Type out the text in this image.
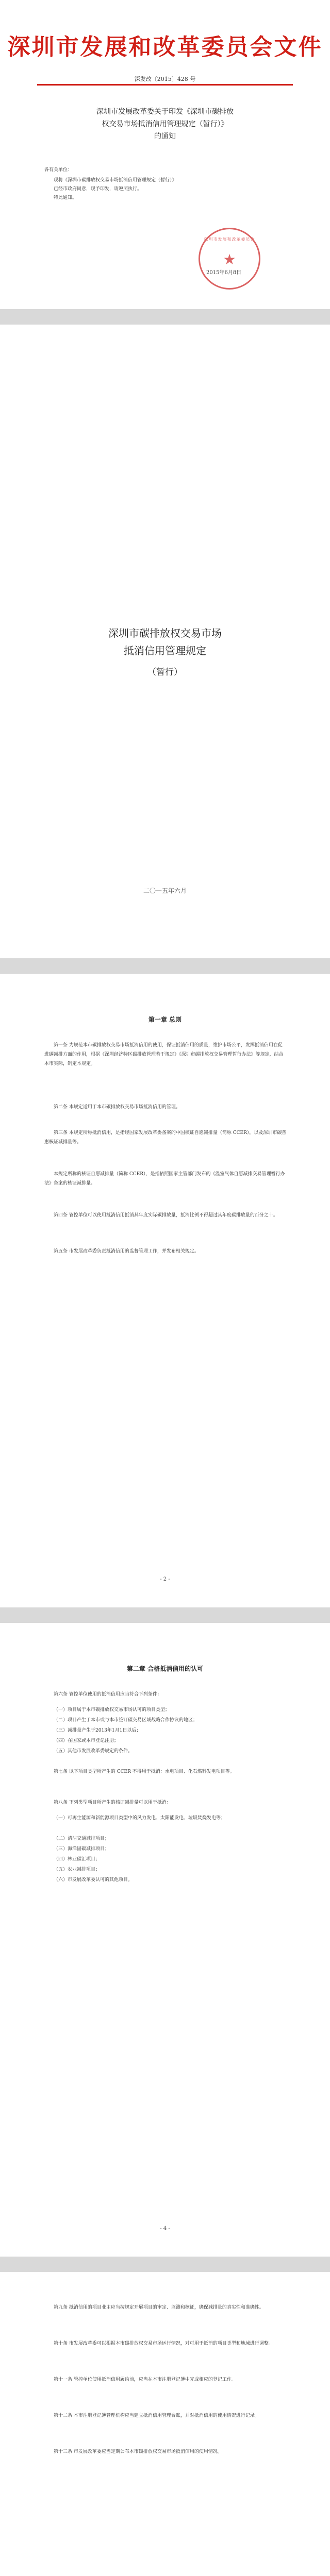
深圳市发展和改革委员会文件
深发改〔2015〕428 号
深圳市发展改革委关于印发《深圳市碳排放
权交易市场抵消信用管理规定（暂行）》
的通知
各有关单位：
现将《深圳市碳排放权交易市场抵消信用管理规定（暂行）》
已经市政府同意，现予印发，请遵照执行。
特此通知。
深圳市发展和改革委员会
★
2015年6月8日
深圳市碳排放权交易市场
抵消信用管理规定
（暂行）
二〇一五年六月
第一章 总则
第一条 为规范本市碳排放权交易市场抵消信用的使用，保证抵消信用的质量，维护市场公平，发挥抵消信用在促进碳减排方面的作用，根据《深圳经济特区碳排放管理若干规定》《深圳市碳排放权交易管理暂行办法》等规定，结合本市实际，制定本规定。
第二条 本规定适用于本市碳排放权交易市场抵消信用的管理。
第三条 本规定所称抵消信用，是指经国家发展改革委备案的中国核证自愿减排量（简称 CCER），以及深圳市碳普惠核证减排量等。
本规定所称的核证自愿减排量（简称 CCER），是指依照国家主管部门发布的《温室气体自愿减排交易管理暂行办法》备案的核证减排量。
第四条 管控单位可以使用抵消信用抵消其年度实际碳排放量，抵消比例不得超过其年度碳排放量的百分之十。
第五条 市发展改革委负责抵消信用的监督管理工作，并发布相关规定。
- 2 -
第二章 合格抵消信用的认可
第六条 管控单位使用的抵消信用应当符合下列条件：
（一）项目属于本市碳排放权交易市场认可的项目类型；
（二）项目产生于本市或与本市签订碳交易区域战略合作协议的地区；
（三）减排量产生于2013年1月1日以后；
（四）在国家或本市登记注册；
（五）其他市发展改革委规定的条件。
第七条 以下项目类型所产生的 CCER 不得用于抵消：水电项目、化石燃料发电项目等。
第八条 下列类型项目所产生的核证减排量可以用于抵消：
（一）可再生能源和新能源项目类型中的风力发电、太阳能发电、垃圾焚烧发电等；
（二）清洁交通减排项目；
（三）海洋固碳减排项目；
（四）林业碳汇项目；
（五）农业减排项目；
（六）市发展改革委认可的其他项目。
- 4 -
第九条 抵消信用的项目业主应当按规定开展项目的审定、监测和核证，确保减排量的真实性和准确性。
第十条 市发展改革委可以根据本市碳排放权交易市场运行情况，对可用于抵消的项目类型和地域进行调整。
第十一条 管控单位使用抵消信用履约前，应当在本市注册登记簿中完成相应的登记工作。
第十二条 本市注册登记簿管理机构应当建立抵消信用管理台账，并对抵消信用的使用情况进行记录。
第十三条 市发展改革委应当定期公布本市碳排放权交易市场抵消信用的使用情况。
